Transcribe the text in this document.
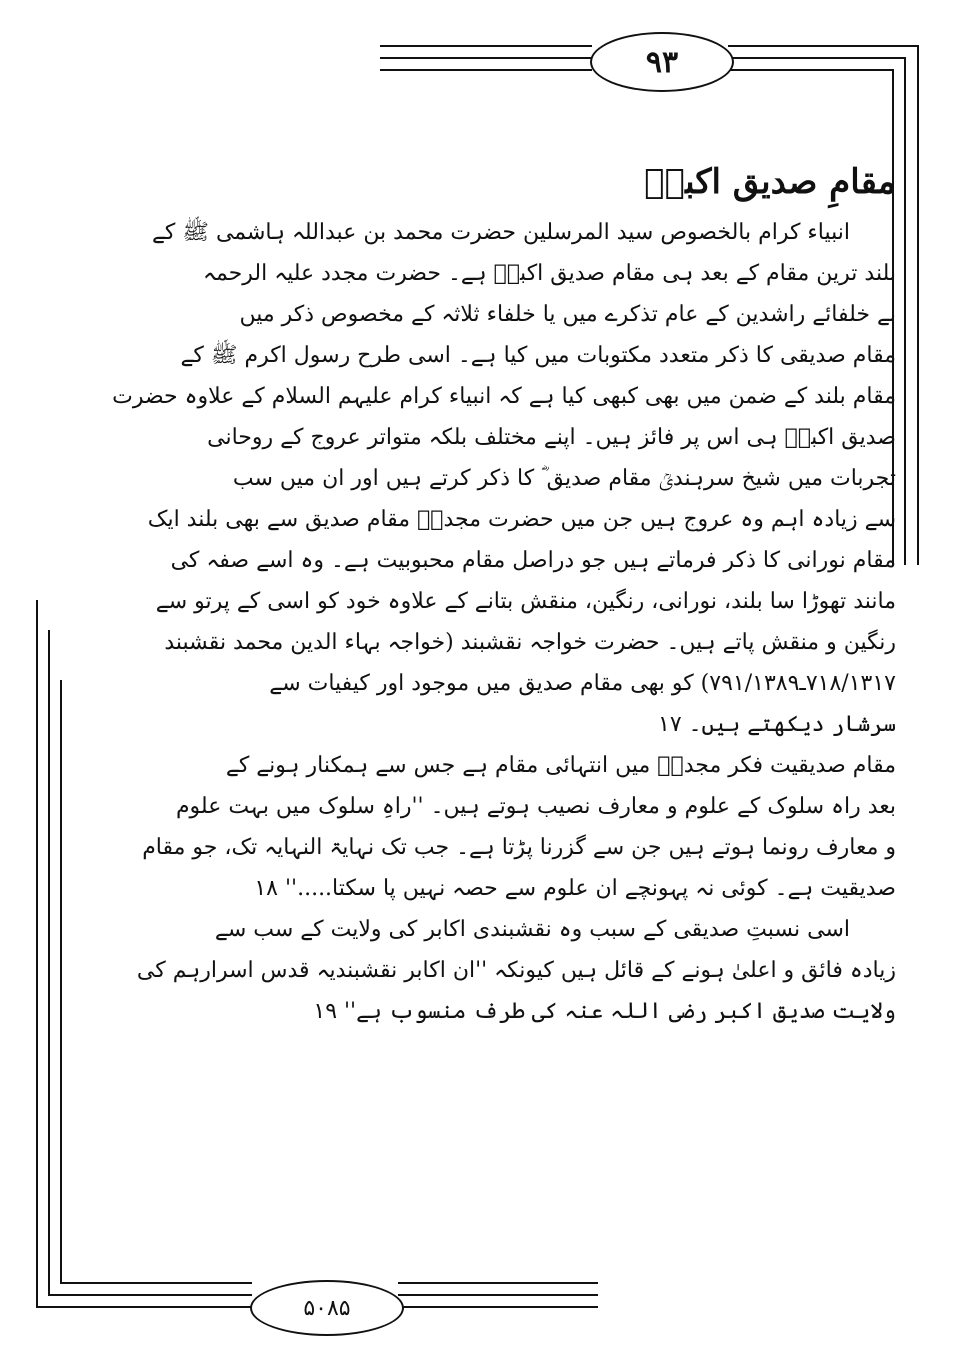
۹۳
۵۰۸۵
مقامِ صدیق اکبرؓ
انبیاء کرام بالخصوص سید المرسلین حضرت محمد بن عبداللہ ہاشمی ﷺ کے
بلند ترین مقام کے بعد ہی مقام صدیق اکبرؓ ہے۔ حضرت مجدد علیہ الرحمہ
نے خلفائے راشدین کے عام تذکرے میں یا خلفاء ثلاثہ کے مخصوص ذکر میں
مقام صدیقی کا ذکر متعدد مکتوبات میں کیا ہے۔ اسی طرح رسول اکرم ﷺ کے
مقام بلند کے ضمن میں بھی کبھی کیا ہے کہ انبیاء کرام علیہم السلام کے علاوہ حضرت
صدیق اکبرؓ ہی اس پر فائز ہیں۔ اپنے مختلف بلکہ متواتر عروج کے روحانی
تجربات میں شیخ سرہندیؒ مقام صدیق ؓ کا ذکر کرتے ہیں اور ان میں سب
سے زیادہ اہم وہ عروج ہیں جن میں حضرت مجددؒ مقام صدیق سے بھی بلند ایک
مقام نورانی کا ذکر فرماتے ہیں جو دراصل مقام محبوبیت ہے۔ وہ اسے صفہ کی
مانند تھوڑا سا بلند، نورانی، رنگین، منقش بتانے کے علاوہ خود کو اسی کے پرتو سے
رنگین و منقش پاتے ہیں۔ حضرت خواجہ نقشبند (خواجہ بہاء الدین محمد نقشبند
۷۱۸/۱۳۱۷ـ۷۹۱/۱۳۸۹) کو بھی مقام صدیق میں موجود اور کیفیات سے
سرشار دیکھتے ہیں۔ ۱۷
مقام صدیقیت فکر مجددؒ میں انتہائی مقام ہے جس سے ہمکنار ہونے کے
بعد راہ سلوک کے علوم و معارف نصیب ہوتے ہیں۔ ''راہِ سلوک میں بہت علوم
و معارف رونما ہوتے ہیں جن سے گزرنا پڑتا ہے۔ جب تک نہایۃ النہایہ تک، جو مقام
صدیقیت ہے۔ کوئی نہ پہونچے ان علوم سے حصہ نہیں پا سکتا.....'' ۱۸
اسی نسبتِ صدیقی کے سبب وہ نقشبندی اکابر کی ولایت کے سب سے
زیادہ فائق و اعلیٰ ہونے کے قائل ہیں کیونکہ ''ان اکابر نقشبندیہ قدس اسرارہم کی
ولایت صدیق اکبر رضی اللہ عنہ کی طرف منسوب ہے'' ۱۹
